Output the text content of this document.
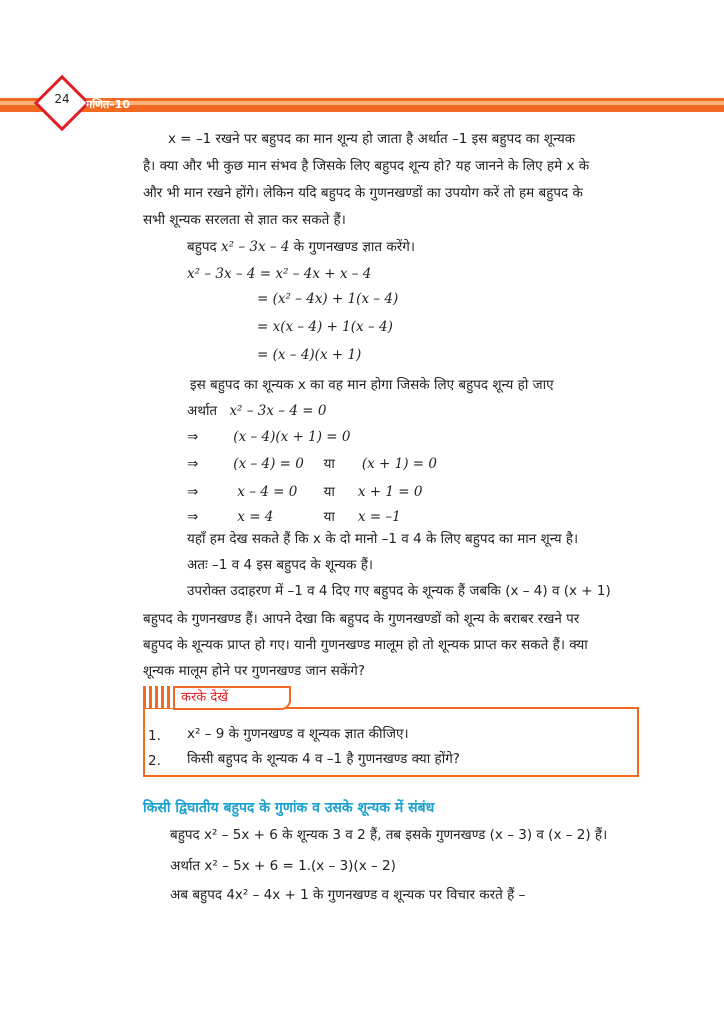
24	गणित–10
x = –1 रखने पर बहुपद का मान शून्य हो जाता है अर्थात –1 इस बहुपद का शून्यक
है। क्या और भी कुछ मान संभव है जिसके लिए बहुपद शून्य हो? यह जानने के लिए हमे x के
और भी मान रखने होंगे। लेकिन यदि बहुपद के गुणनखण्डों का उपयोग करें तो हम बहुपद के
सभी शून्यक सरलता से ज्ञात कर सकते हैं।
बहुपद x² – 3x – 4 के गुणनखण्ड ज्ञात करेंगे।
x² – 3x – 4 = x² – 4x + x – 4
= (x² – 4x) + 1(x – 4)
= x(x – 4) + 1(x – 4)
= (x – 4)(x + 1)
इस बहुपद का शून्यक x का वह मान होगा जिसके लिए बहुपद शून्य हो जाए
अर्थात x² – 3x – 4 = 0
⇒	(x – 4)(x + 1) = 0
⇒	(x – 4) = 0 या (x + 1) = 0
⇒	x – 4 = 0 या x + 1 = 0
⇒	x = 4	या x = –1
यहाँ हम देख सकते हैं कि x के दो मानो –1 व 4 के लिए बहुपद का मान शून्य है।
अतः –1 व 4 इस बहुपद के शून्यक हैं।
उपरोक्त उदाहरण में –1 व 4 दिए गए बहुपद के शून्यक हैं जबकि (x – 4) व (x + 1)
बहुपद के गुणनखण्ड हैं। आपने देखा कि बहुपद के गुणनखण्डों को शून्य के बराबर रखने पर
बहुपद के शून्यक प्राप्त हो गए। यानी गुणनखण्ड मालूम हो तो शून्यक प्राप्त कर सकते हैं। क्या
शून्यक मालूम होने पर गुणनखण्ड जान सकेंगे?
करके देखें
1. x² – 9 के गुणनखण्ड व शून्यक ज्ञात कीजिए।
2. किसी बहुपद के शून्यक 4 व –1 है गुणनखण्ड क्या होंगे?
किसी द्विघातीय बहुपद के गुणांक व उसके शून्यक में संबंध
बहुपद x² – 5x + 6 के शून्यक 3 व 2 हैं, तब इसके गुणनखण्ड (x – 3) व (x – 2) हैं।
अर्थात x² – 5x + 6 = 1.(x – 3)(x – 2)
अब बहुपद 4x² – 4x + 1 के गुणनखण्ड व शून्यक पर विचार करते हैं –
